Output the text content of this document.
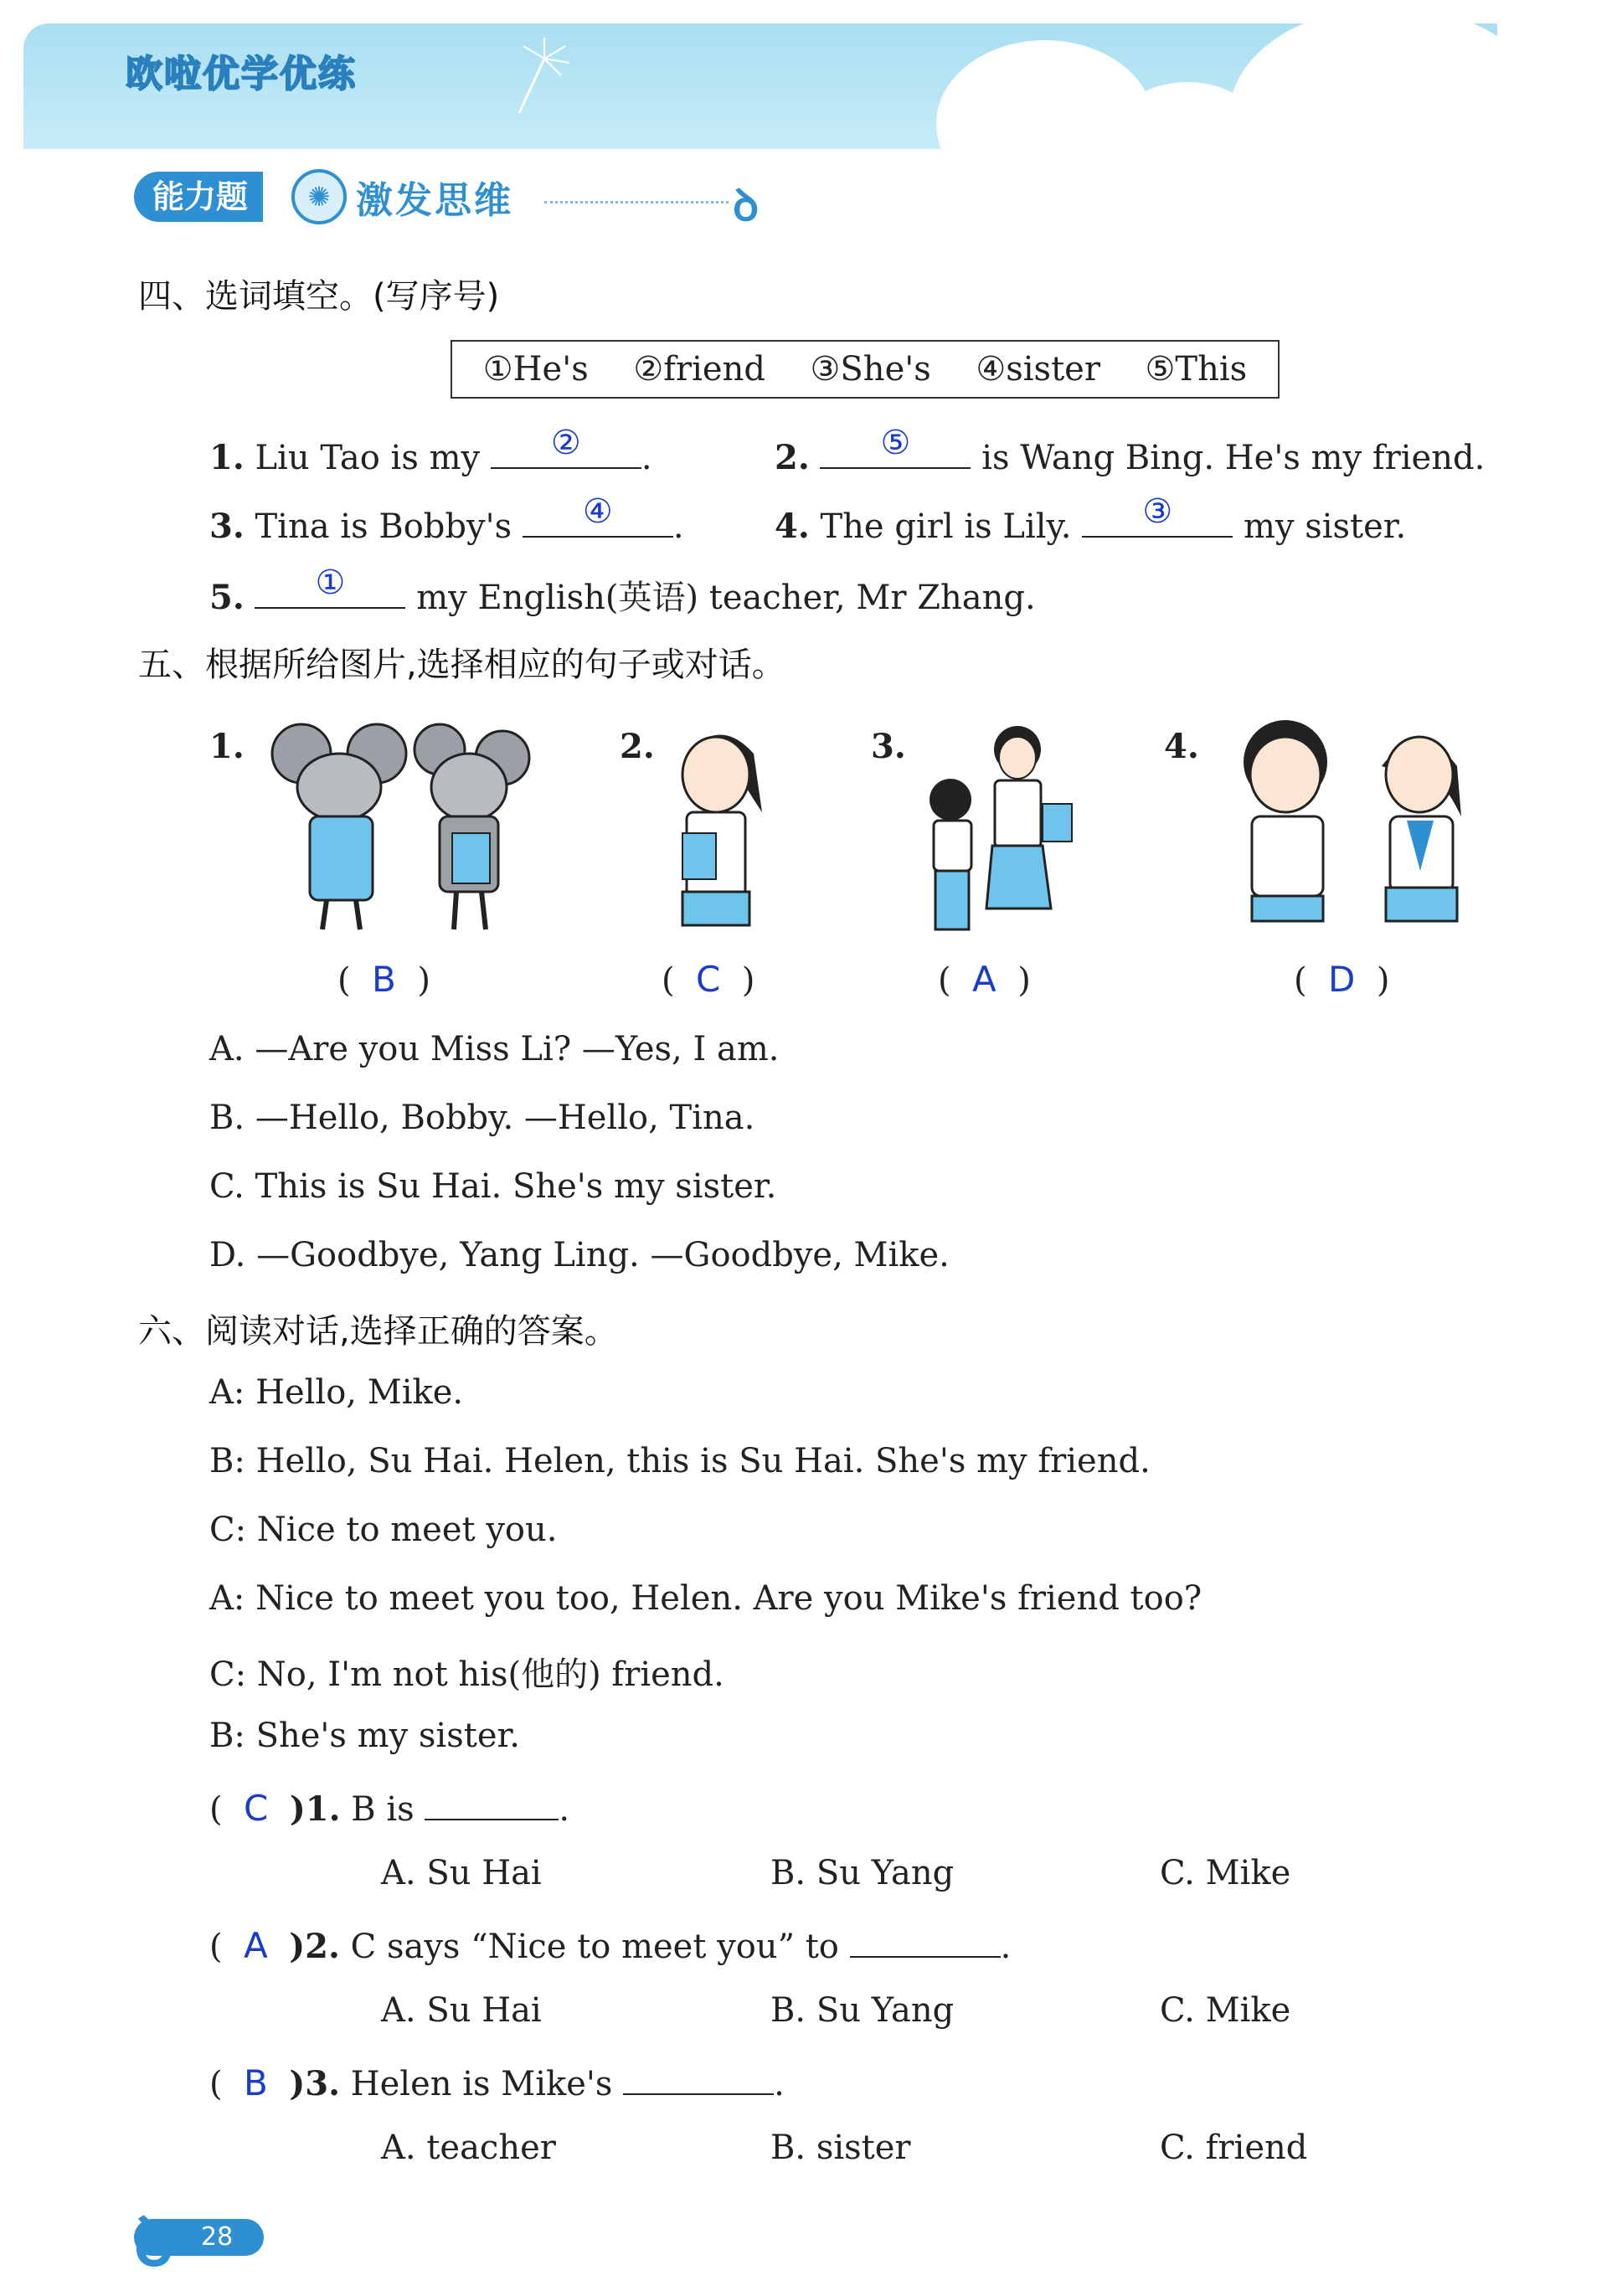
欧啦优学优练
能力题	✺ 激发思维	ꝺ
四、选词填空。(写序号)
①He's ②friend ③She's ④sister ⑤This
1. Liu Tao is my	②	.	2.	⑤	is Wang Bing. He's my friend.
3. Tina is Bobby's	④	.	4. The girl is Lily.	③	my sister.
5.	①	my English(英语) teacher, Mr Zhang.
五、根据所给图片,选择相应的句子或对话。
1.	2.	3.	4.
( B )	( C )	( A )	( D )
A. —Are you Miss Li? —Yes, I am.
B. —Hello, Bobby. —Hello, Tina.
C. This is Su Hai. She's my sister.
D. —Goodbye, Yang Ling. —Goodbye, Mike.
六、阅读对话,选择正确的答案。
A: Hello, Mike.
B: Hello, Su Hai. Helen, this is Su Hai. She's my friend.
C: Nice to meet you.
A: Nice to meet you too, Helen. Are you Mike's friend too?
C: No, I'm not his(他的) friend.
B: She's my sister.
( C )1. B is	.
A. Su Hai	B. Su Yang	C. Mike
( A )2. C says “Nice to meet you” to	.
A. Su Hai	B. Su Yang	C. Mike
( B )3. Helen is Mike's	.
A. teacher	B. sister	C. friend
28
ꝺ
